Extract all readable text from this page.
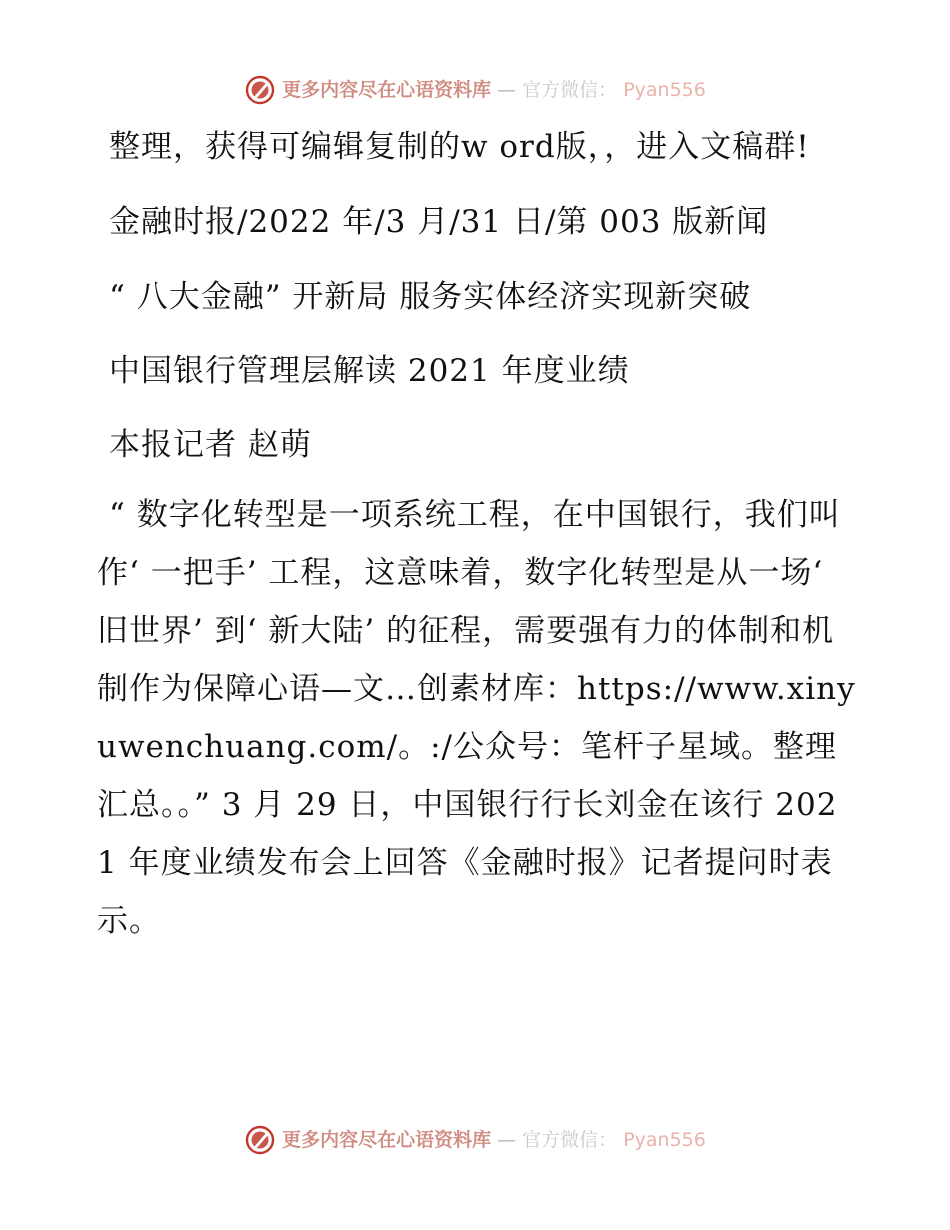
更多内容尽在心语资料库 — 官方微信： Pyan556

整理，获得可编辑复制的w ord版，，进入文稿群!

金融时报/2022 年/3 月/31 日/第 003 版新闻

“ 八大金融” 开新局 服务实体经济实现新突破

中国银行管理层解读 2021 年度业绩

本报记者 赵萌

“ 数字化转型是一项系统工程，在中国银行，我们叫作‘ 一把手’ 工程，这意味着，数字化转型是从一场‘ 旧世界’ 到‘ 新大陆’ 的征程，需要强有力的体制和机制作为保障心语—文…创素材库：https://www.xinyuwenchuang.com/。:/公众号：笔杆子星域。整理汇总。。” 3 月 29 日，中国银行行长刘金在该行 2021 年度业绩发布会上回答《金融时报》记者提问时表示。

更多内容尽在心语资料库 — 官方微信： Pyan556
